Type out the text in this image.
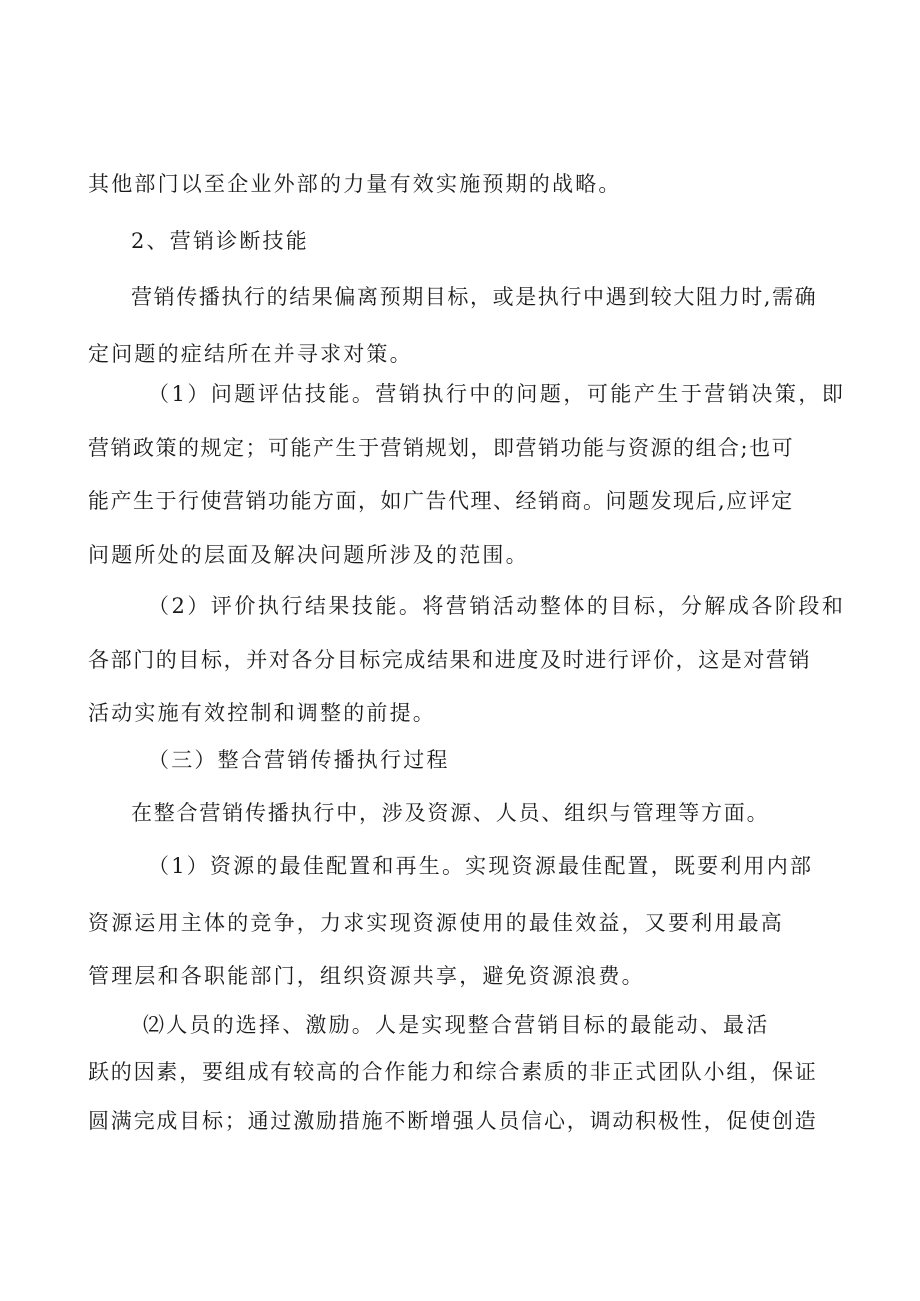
其他部门以至企业外部的力量有效实施预期的战略。
2、营销诊断技能
营销传播执行的结果偏离预期目标，或是执行中遇到较大阻力时,需确
定问题的症结所在并寻求对策。
（1）问题评估技能。营销执行中的问题，可能产生于营销决策，即
营销政策的规定；可能产生于营销规划，即营销功能与资源的组合;也可
能产生于行使营销功能方面，如广告代理、经销商。问题发现后,应评定
问题所处的层面及解决问题所涉及的范围。
（2）评价执行结果技能。将营销活动整体的目标，分解成各阶段和
各部门的目标，并对各分目标完成结果和进度及时进行评价，这是对营销
活动实施有效控制和调整的前提。
（三）整合营销传播执行过程
在整合营销传播执行中，涉及资源、人员、组织与管理等方面。
（1）资源的最佳配置和再生。实现资源最佳配置，既要利用内部
资源运用主体的竞争，力求实现资源使用的最佳效益，又要利用最高
管理层和各职能部门，组织资源共享，避免资源浪费。
⑵人员的选择、激励。人是实现整合营销目标的最能动、最活
跃的因素，要组成有较高的合作能力和综合素质的非正式团队小组，保证
圆满完成目标；通过激励措施不断增强人员信心，调动积极性，促使创造
